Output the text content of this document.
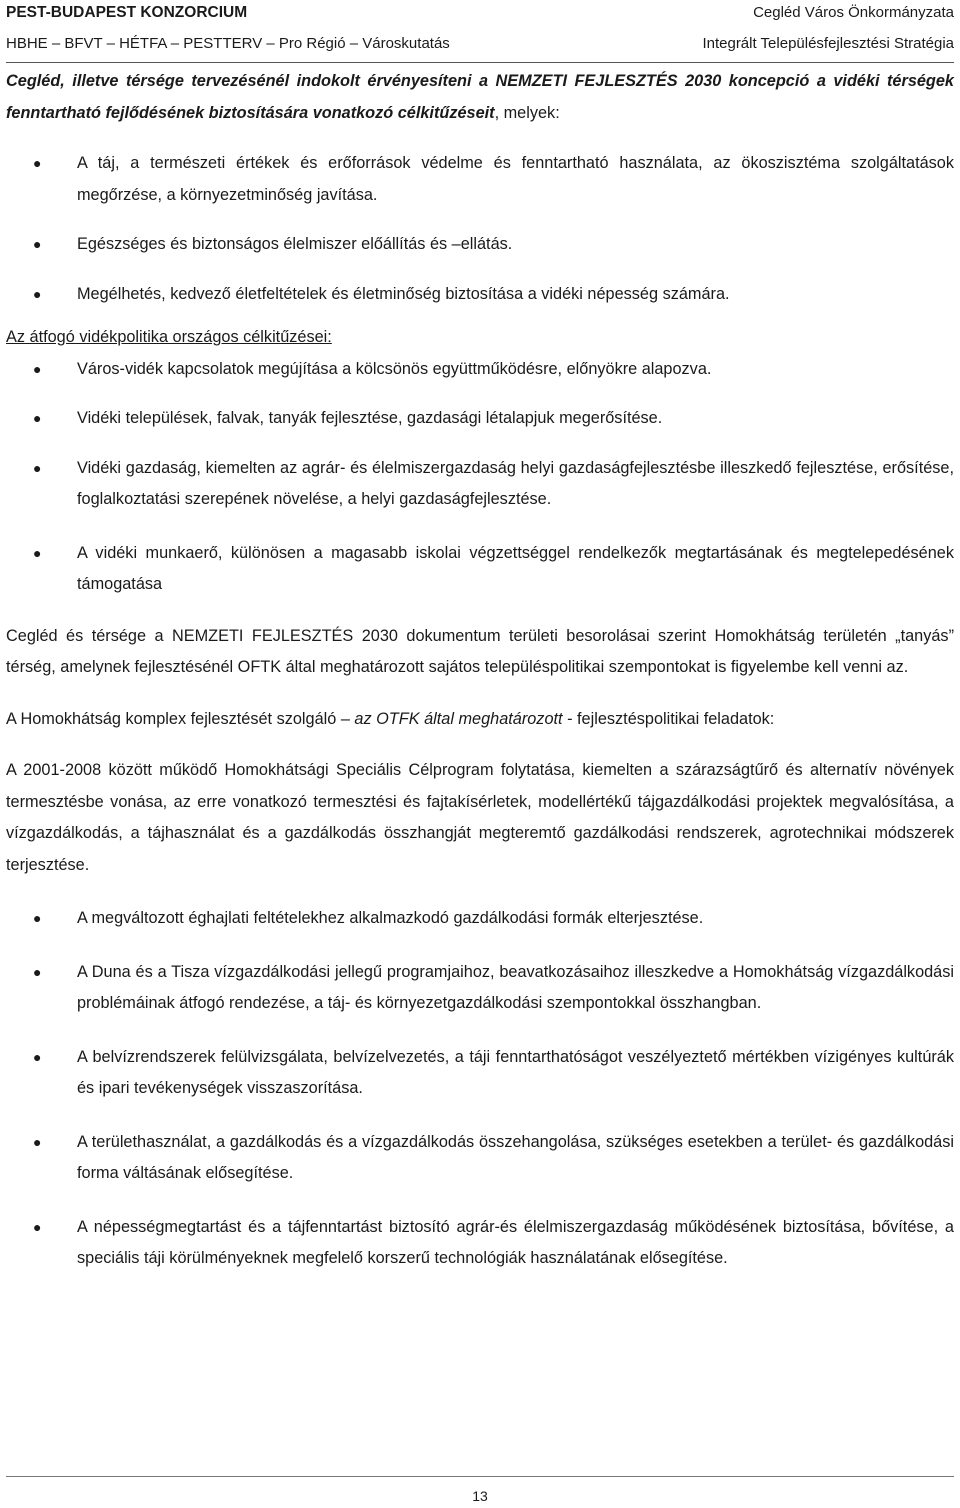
PEST-BUDAPEST KONZORCIUM	Cegléd Város Önkormányzata
HBHE – BFVT – HÉTFA – PESTTERV – Pro Régió – Városkutatás	Integrált Településfejlesztési Stratégia

Cegléd, illetve térsége tervezésénél indokolt érvényesíteni a NEMZETI FEJLESZTÉS 2030 koncepció a vidéki térségek fenntartható fejlődésének biztosítására vonatkozó célkitűzéseit, melyek:

● A táj, a természeti értékek és erőforrások védelme és fenntartható használata, az ökoszisztéma szolgáltatások megőrzése, a környezetminőség javítása.
● Egészséges és biztonságos élelmiszer előállítás és –ellátás.
● Megélhetés, kedvező életfeltételek és életminőség biztosítása a vidéki népesség számára.

Az átfogó vidékpolitika országos célkitűzései:

● Város-vidék kapcsolatok megújítása a kölcsönös együttműködésre, előnyökre alapozva.
● Vidéki települések, falvak, tanyák fejlesztése, gazdasági létalapjuk megerősítése.
● Vidéki gazdaság, kiemelten az agrár- és élelmiszergazdaság helyi gazdaságfejlesztésbe illeszkedő fejlesztése, erősítése, foglalkoztatási szerepének növelése, a helyi gazdaságfejlesztése.
● A vidéki munkaerő, különösen a magasabb iskolai végzettséggel rendelkezők megtartásának és megtelepedésének támogatása

Cegléd és térsége a NEMZETI FEJLESZTÉS 2030 dokumentum területi besorolásai szerint Homokhátság területén „tanyás” térség, amelynek fejlesztésénél OFTK által meghatározott sajátos településpolitikai szempontokat is figyelembe kell venni az.

A Homokhátság komplex fejlesztését szolgáló – az OTFK által meghatározott - fejlesztéspolitikai feladatok:

A 2001-2008 között működő Homokhátsági Speciális Célprogram folytatása, kiemelten a szárazságtűrő és alternatív növények termesztésbe vonása, az erre vonatkozó termesztési és fajtakísérletek, modellértékű tájgazdálkodási projektek megvalósítása, a vízgazdálkodás, a tájhasználat és a gazdálkodás összhangját megteremtő gazdálkodási rendszerek, agrotechnikai módszerek terjesztése.

● A megváltozott éghajlati feltételekhez alkalmazkodó gazdálkodási formák elterjesztése.
● A Duna és a Tisza vízgazdálkodási jellegű programjaihoz, beavatkozásaihoz illeszkedve a Homokhátság vízgazdálkodási problémáinak átfogó rendezése, a táj- és környezetgazdálkodási szempontokkal összhangban.
● A belvízrendszerek felülvizsgálata, belvízelvezetés, a táji fenntarthatóságot veszélyeztető mértékben vízigényes kultúrák és ipari tevékenységek visszaszorítása.
● A területhasználat, a gazdálkodás és a vízgazdálkodás összehangolása, szükséges esetekben a terület- és gazdálkodási forma váltásának elősegítése.
● A népességmegtartást és a tájfenntartást biztosító agrár-és élelmiszergazdaság működésének biztosítása, bővítése, a speciális táji körülményeknek megfelelő korszerű technológiák használatának elősegítése.
13
